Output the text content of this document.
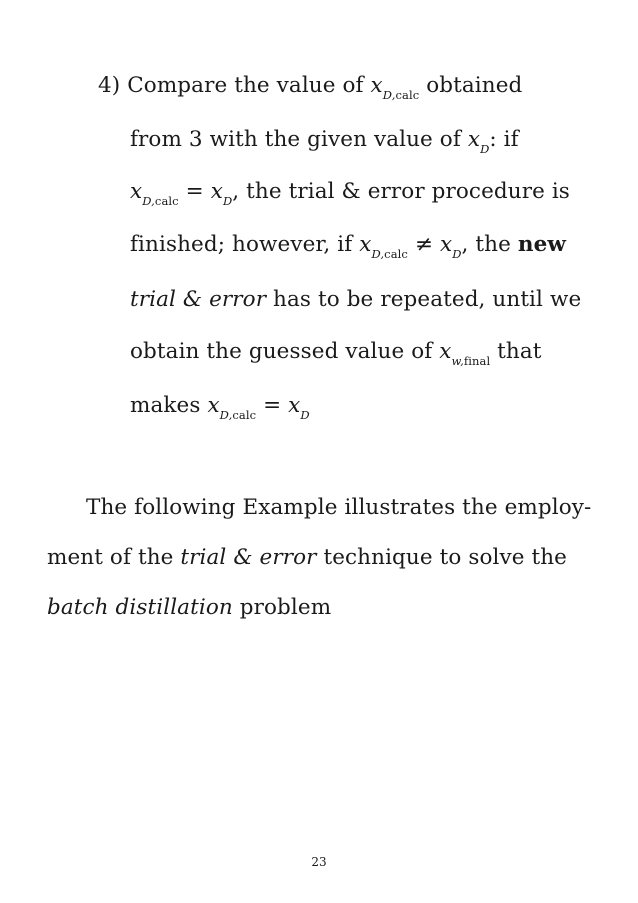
4) Compare the value of $x_{D,calc}$ obtained
from 3 with the given value of $x_D$: if
$x_{D,calc} = x_D$, the trial & error procedure is
finished; however, if $x_{D,calc} \ne x_D$, the new
trial & error has to be repeated, until we
obtain the guessed value of $x_{w,final}$ that
makes $x_{D,calc} = x_D$
The following Example illustrates the employ-
ment of the trial & error technique to solve the
batch distillation problem
23
